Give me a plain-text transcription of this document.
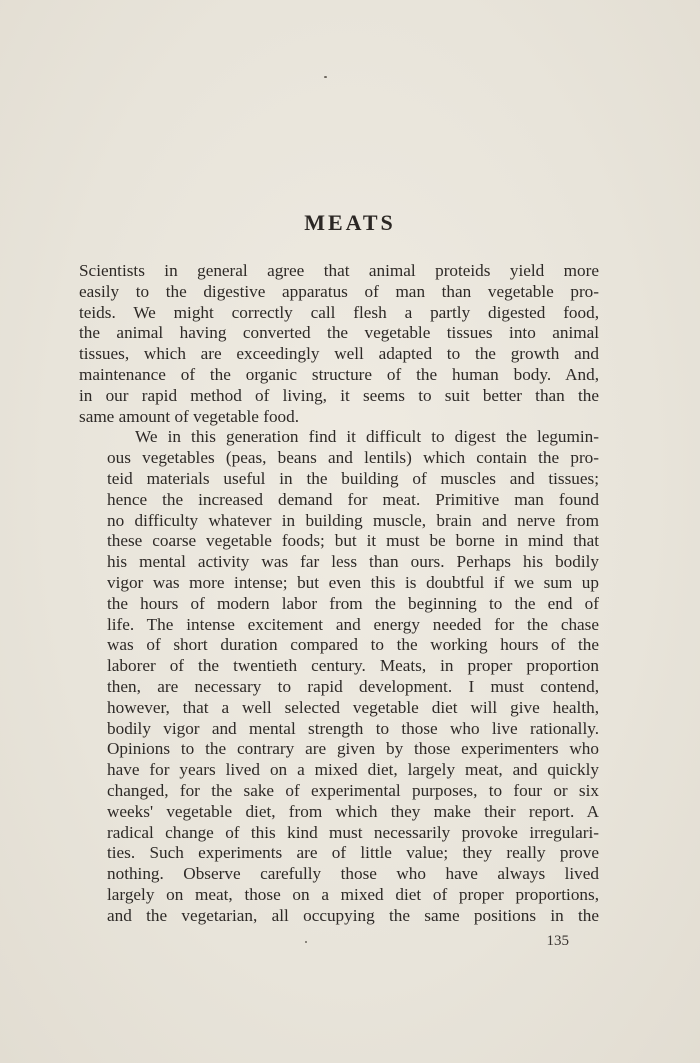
MEATS
Scientists in general agree that animal proteids yield more
easily to the digestive apparatus of man than vegetable pro-
teids. We might correctly call flesh a partly digested food,
the animal having converted the vegetable tissues into animal
tissues, which are exceedingly well adapted to the growth and
maintenance of the organic structure of the human body. And,
in our rapid method of living, it seems to suit better than the
same amount of vegetable food.
We in this generation find it difficult to digest the legumin-
ous vegetables (peas, beans and lentils) which contain the pro-
teid materials useful in the building of muscles and tissues;
hence the increased demand for meat. Primitive man found
no difficulty whatever in building muscle, brain and nerve from
these coarse vegetable foods; but it must be borne in mind that
his mental activity was far less than ours. Perhaps his bodily
vigor was more intense; but even this is doubtful if we sum up
the hours of modern labor from the beginning to the end of
life. The intense excitement and energy needed for the chase
was of short duration compared to the working hours of the
laborer of the twentieth century. Meats, in proper proportion
then, are necessary to rapid development. I must contend,
however, that a well selected vegetable diet will give health,
bodily vigor and mental strength to those who live rationally.
Opinions to the contrary are given by those experimenters who
have for years lived on a mixed diet, largely meat, and quickly
changed, for the sake of experimental purposes, to four or six
weeks' vegetable diet, from which they make their report. A
radical change of this kind must necessarily provoke irregulari-
ties. Such experiments are of little value; they really prove
nothing. Observe carefully those who have always lived
largely on meat, those on a mixed diet of proper proportions,
and the vegetarian, all occupying the same positions in the
135
